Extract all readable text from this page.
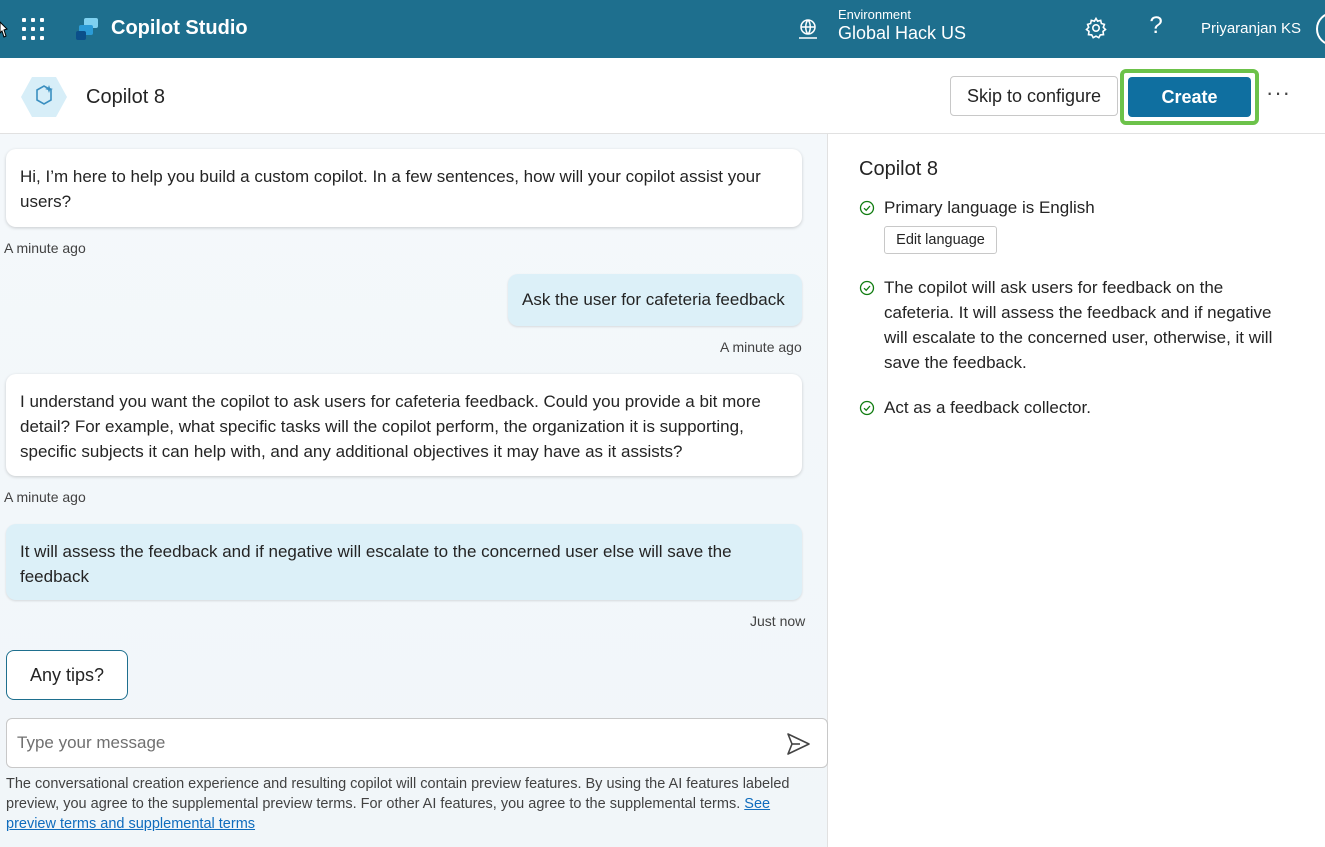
Copilot Studio
Environment
Global Hack US	?	Priyaranjan KS
Copilot 8	Skip to configure	Create	···
Hi, I’m here to help you build a custom copilot. In a few sentences, how will your copilot assist your users?
A minute ago
Ask the user for cafeteria feedback
A minute ago
I understand you want the copilot to ask users for cafeteria feedback. Could you provide a bit more detail? For example, what specific tasks will the copilot perform, the organization it is supporting, specific subjects it can help with, and any additional objectives it may have as it assists?
A minute ago
It will assess the feedback and if negative will escalate to the concerned user else will save the feedback
Just now
Any tips?
Type your message
The conversational creation experience and resulting copilot will contain preview features. By using the AI features labeled preview, you agree to the supplemental preview terms. For other AI features, you agree to the supplemental terms. See preview terms and supplemental terms
Copilot 8
Primary language is English
Edit language
The copilot will ask users for feedback on the cafeteria. It will assess the feedback and if negative will escalate to the concerned user, otherwise, it will save the feedback.
Act as a feedback collector.
